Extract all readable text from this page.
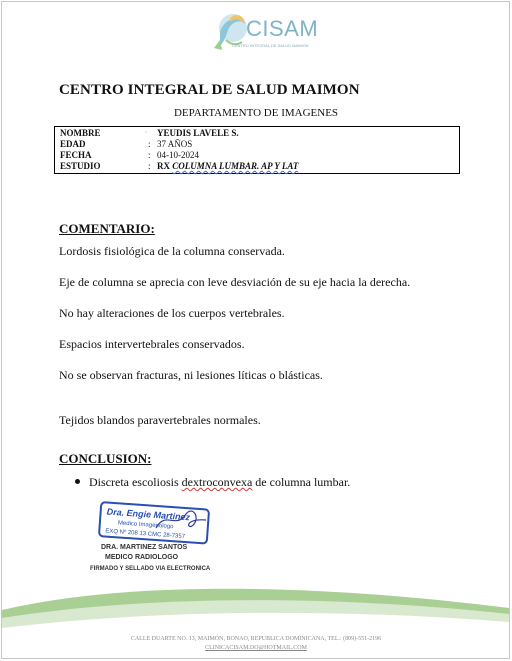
CISAM
CENTRO INTEGRAL DE SALUD MAIMON
CENTRO INTEGRAL DE SALUD MAIMON
DEPARTAMENTO DE IMAGENES
NOMBRE	ᵕ YEUDIS LAVELE S.
EDAD	: 37 AÑOS
FECHA	: 04-10-2024
ESTUDIO	: RX COLUMNA LUMBAR. AP Y LAT
COMENTARIO:
Lordosis fisiológica de la columna conservada.
Eje de columna se aprecia con leve desviación de su eje hacia la derecha.
No hay alteraciones de los cuerpos vertebrales.
Espacios intervertebrales conservados.
No se observan fracturas, ni lesiones líticas o blásticas.
Tejidos blandos paravertebrales normales.
CONCLUSION:
Discreta escoliosis dextroconvexa de columna lumbar.
Dra. Engie Martinez
Medico Imagenologo
EXQ Nº 208 13 CMC 28-7357
DRA. MARTINEZ SANTOS
MEDICO RADIOLOGO
FIRMADO Y SELLADO VIA ELECTRONICA
CALLE DUARTE NO. 13, MAIMÓN, BONAO, REPUBLICA DOMINICANA, TEL.: (809)-551-2196
CLINICACISAM.DO@HOTMAIL.COM
